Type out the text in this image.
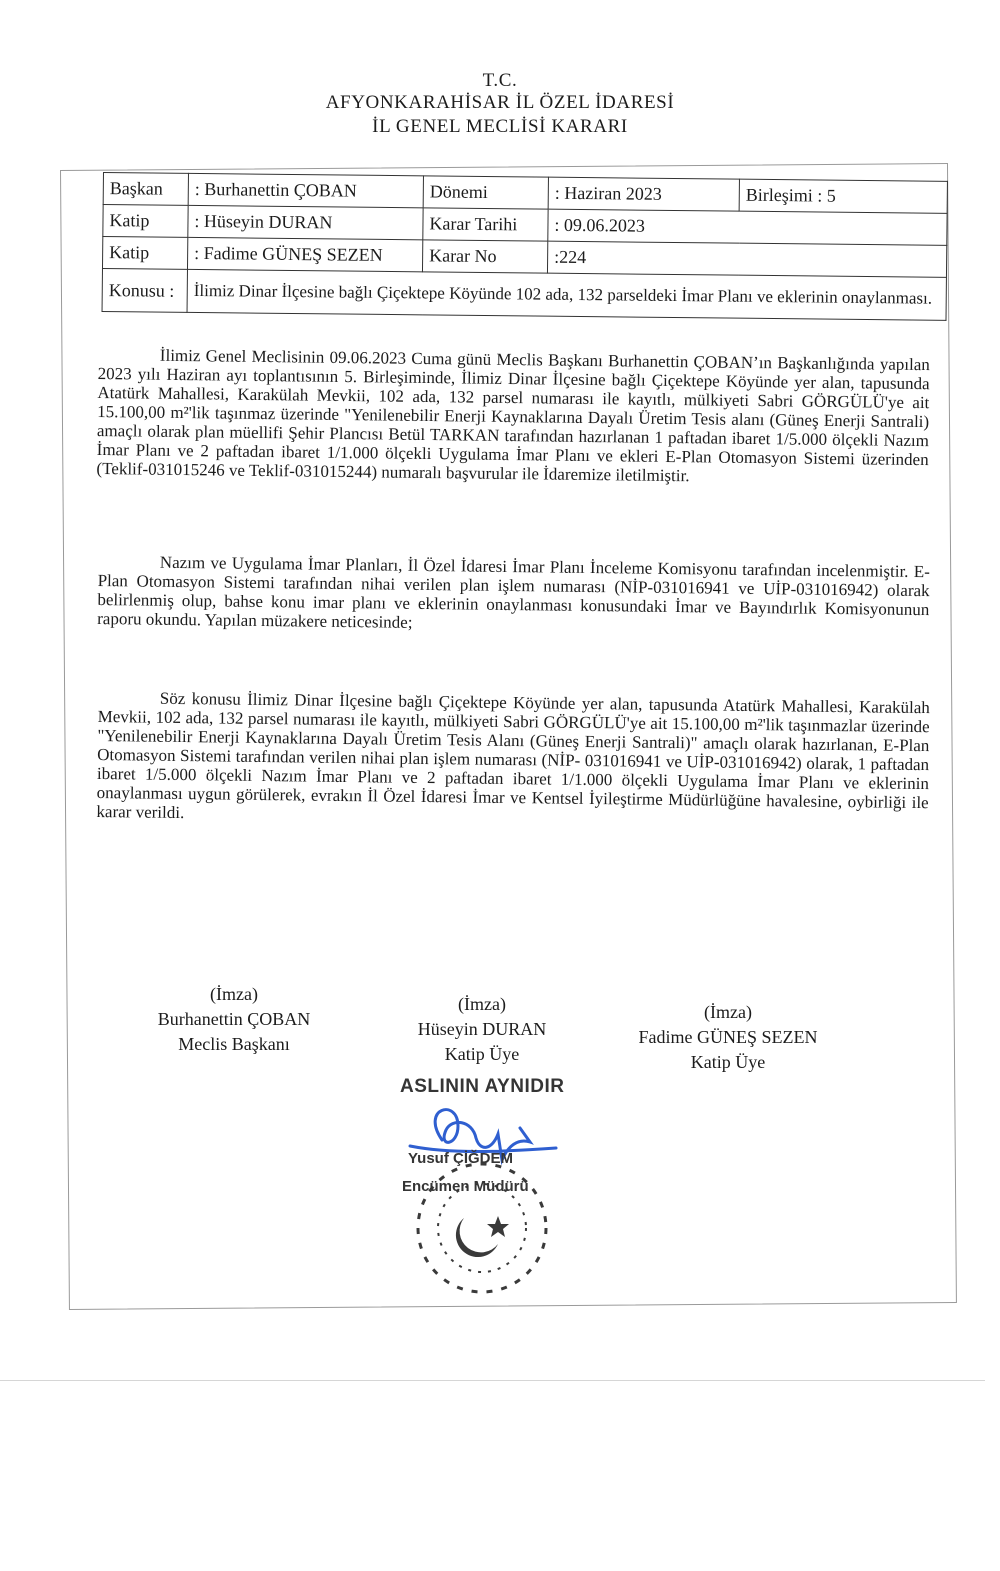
T.C.
AFYONKARAHİSAR İL ÖZEL İDARESİ
İL GENEL MECLİSİ KARARI
Başkan	: Burhanettin ÇOBAN	Dönemi	: Haziran 2023	Birleşimi : 5
Katip	: Hüseyin DURAN	Karar Tarihi	: 09.06.2023	
Katip	: Fadime GÜNEŞ SEZEN	Karar No	:224	
Konusu :	İlimiz Dinar İlçesine bağlı Çiçektepe Köyünde 102 ada, 132 parseldeki İmar Planı ve eklerinin onaylanması.			

İlimiz Genel Meclisinin 09.06.2023 Cuma günü Meclis Başkanı Burhanettin ÇOBAN’ın Başkanlığında yapılan 2023 yılı Haziran ayı toplantısının 5. Birleşiminde, İlimiz Dinar İlçesine bağlı Çiçektepe Köyünde yer alan, tapusunda Atatürk Mahallesi, Karakülah Mevkii, 102 ada, 132 parsel numarası ile kayıtlı, mülkiyeti Sabri GÖRGÜLÜ'ye ait 15.100,00 m²'lik taşınmaz üzerinde "Yenilenebilir Enerji Kaynaklarına Dayalı Üretim Tesis alanı (Güneş Enerji Santrali) amaçlı olarak plan müellifi Şehir Plancısı Betül TARKAN tarafından hazırlanan 1 paftadan ibaret 1/5.000 ölçekli Nazım İmar Planı ve 2 paftadan ibaret 1/1.000 ölçekli Uygulama İmar Planı ve ekleri E-Plan Otomasyon Sistemi üzerinden (Teklif-031015246 ve Teklif-031015244) numaralı başvurular ile İdaremize iletilmiştir.

Nazım ve Uygulama İmar Planları, İl Özel İdaresi İmar Planı İnceleme Komisyonu tarafından incelenmiştir. E-Plan Otomasyon Sistemi tarafından nihai verilen plan işlem numarası (NİP-031016941 ve UİP-031016942) olarak belirlenmiş olup, bahse konu imar planı ve eklerinin onaylanması konusundaki İmar ve Bayındırlık Komisyonunun raporu okundu. Yapılan müzakere neticesinde;

Söz konusu İlimiz Dinar İlçesine bağlı Çiçektepe Köyünde yer alan, tapusunda Atatürk Mahallesi, Karakülah Mevkii, 102 ada, 132 parsel numarası ile kayıtlı, mülkiyeti Sabri GÖRGÜLÜ'ye ait 15.100,00 m²'lik taşınmazlar üzerinde "Yenilenebilir Enerji Kaynaklarına Dayalı Üretim Tesis Alanı (Güneş Enerji Santrali)" amaçlı olarak hazırlanan, E-Plan Otomasyon Sistemi tarafından verilen nihai plan işlem numarası (NİP- 031016941 ve UİP-031016942) olarak, 1 paftadan ibaret 1/5.000 ölçekli Nazım İmar Planı ve 2 paftadan ibaret 1/1.000 ölçekli Uygulama İmar Planı ve eklerinin onaylanması uygun görülerek, evrakın İl Özel İdaresi İmar ve Kentsel İyileştirme Müdürlüğüne havalesine, oybirliği ile karar verildi.

(İmza)
Burhanettin ÇOBAN
Meclis Başkanı
(İmza)
Hüseyin DURAN
Katip Üye
(İmza)
Fadime GÜNEŞ SEZEN
Katip Üye
ASLININ AYNIDIR
Yusuf ÇİĞDEM
Encümen Müdürü
